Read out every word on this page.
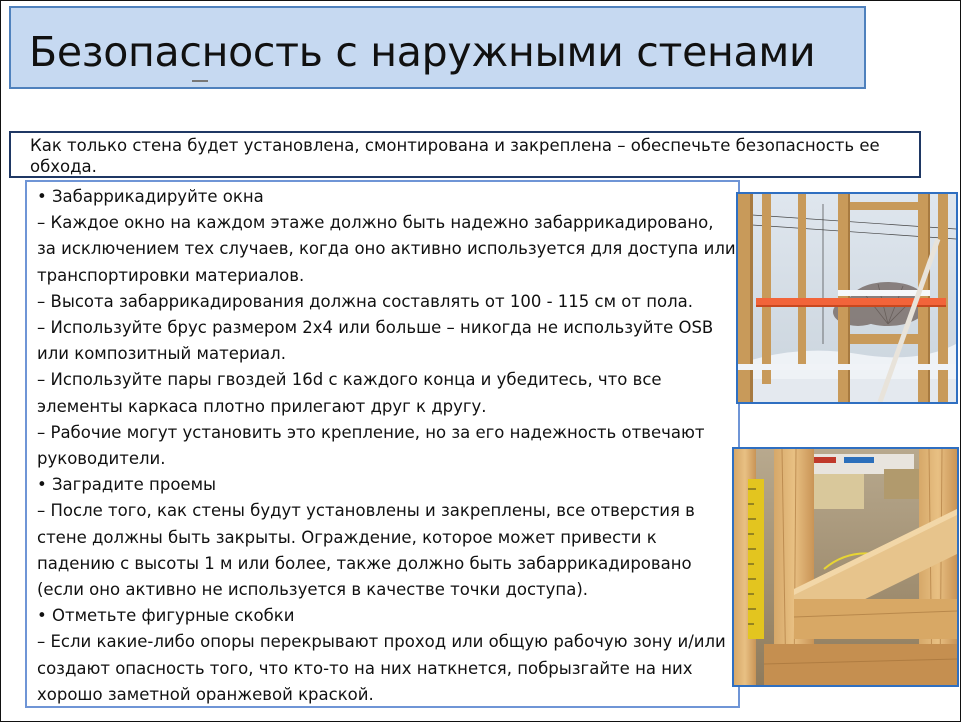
Безопасность с наружными стенами
Как только стена будет установлена, смонтирована и закреплена – обеспечьте безопасность ее обхода.

• Забаррикадируйте окна

– Каждое окно на каждом этаже должно быть надежно забаррикадировано, за исключением тех случаев, когда оно активно используется для доступа или транспортировки материалов.

– Высота забаррикадирования должна составлять от 100 - 115 см от пола.

– Используйте брус размером 2x4 или больше – никогда не используйте OSB или композитный материал.

– Используйте пары гвоздей 16d с каждого конца и убедитесь, что все элементы каркаса плотно прилегают друг к другу.

– Рабочие могут установить это крепление, но за его надежность отвечают руководители.

• Заградите проемы

– После того, как стены будут установлены и закреплены, все отверстия в стене должны быть закрыты. Ограждение, которое может привести к падению с высоты 1 м или более, также должно быть забаррикадировано (если оно активно не используется в качестве точки доступа).

• Отметьте фигурные скобки

– Если какие-либо опоры перекрывают проход или общую рабочую зону и/или создают опасность того, что кто-то на них наткнется, побрызгайте на них хорошо заметной оранжевой краской.
